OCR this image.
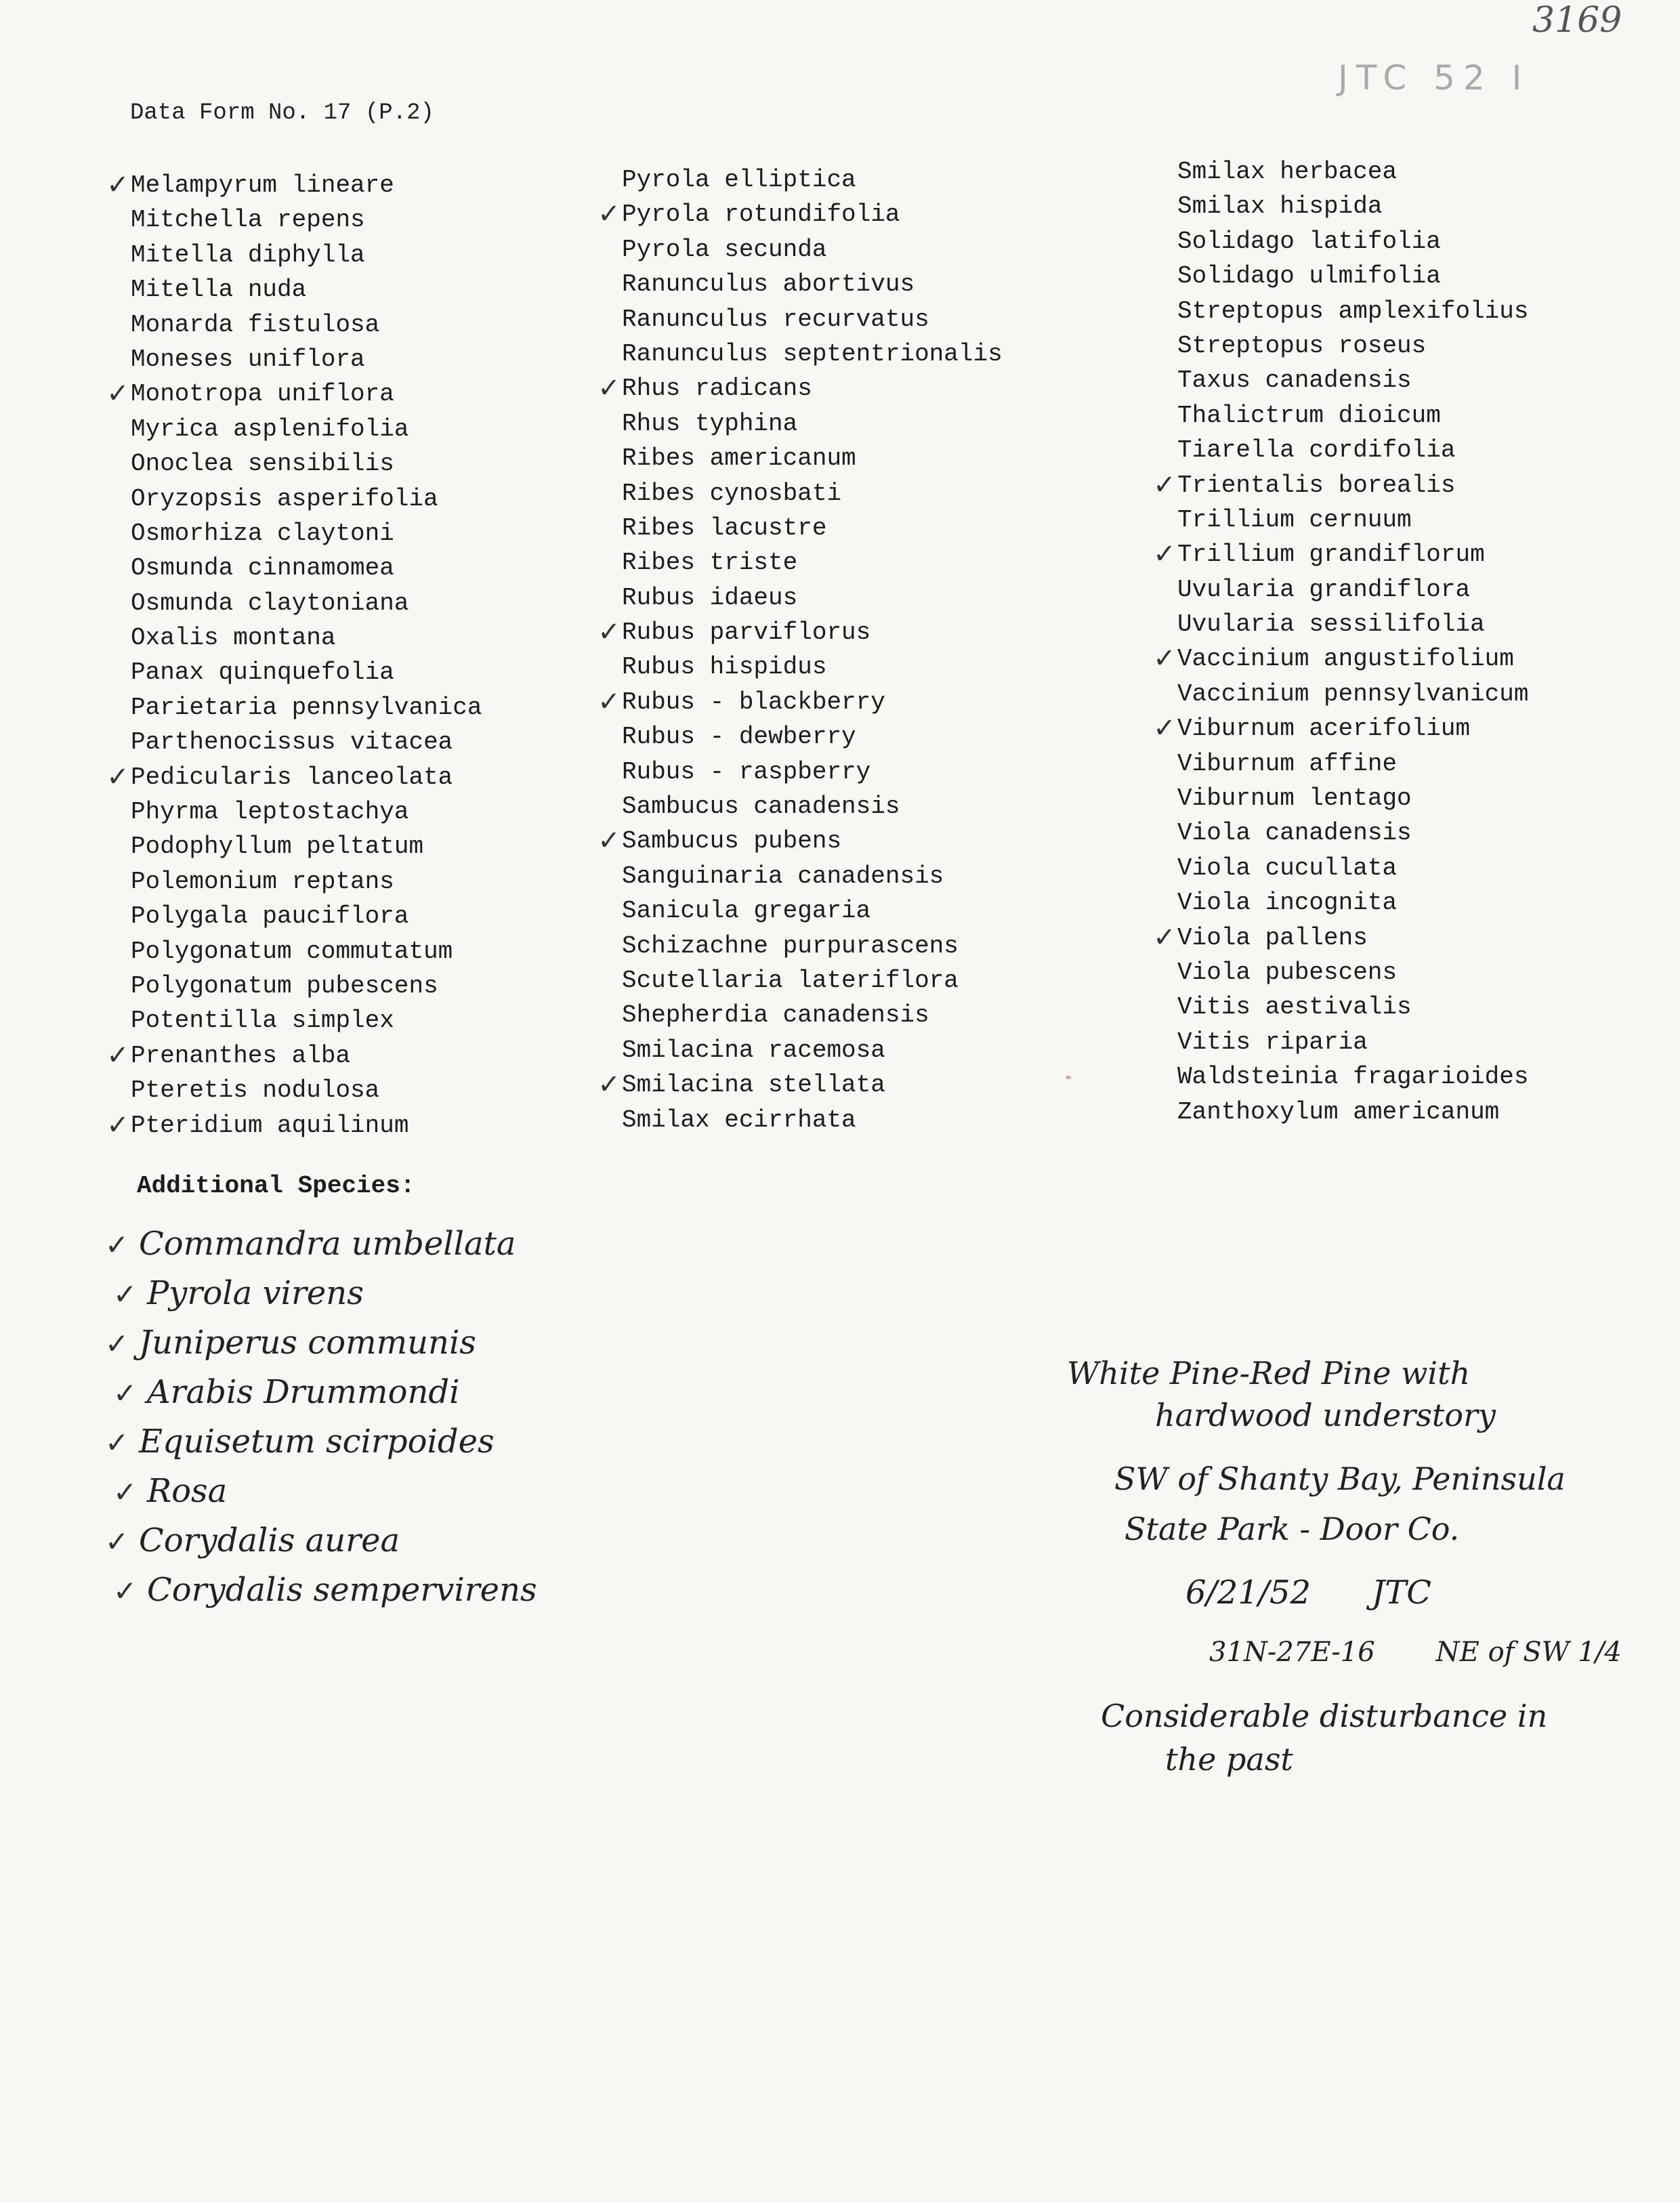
3169
JTC 52 I
Data Form No. 17 (P.2)
✓ Melampyrum lineare
Mitchella repens
Mitella diphylla
Mitella nuda
Monarda fistulosa
Moneses uniflora
✓ Monotropa uniflora
Myrica asplenifolia
Onoclea sensibilis
Oryzopsis asperifolia
Osmorhiza claytoni
Osmunda cinnamomea
Osmunda claytoniana
Oxalis montana
Panax quinquefolia
Parietaria pennsylvanica
Parthenocissus vitacea
✓ Pedicularis lanceolata
Phyrma leptostachya
Podophyllum peltatum
Polemonium reptans
Polygala pauciflora
Polygonatum commutatum
Polygonatum pubescens
Potentilla simplex
✓ Prenanthes alba
Pteretis nodulosa
✓ Pteridium aquilinum
Pyrola elliptica
✓ Pyrola rotundifolia
Pyrola secunda
Ranunculus abortivus
Ranunculus recurvatus
Ranunculus septentrionalis
✓ Rhus radicans
Rhus typhina
Ribes americanum
Ribes cynosbati
Ribes lacustre
Ribes triste
Rubus idaeus
✓ Rubus parviflorus
Rubus hispidus
✓ Rubus - blackberry
Rubus - dewberry
Rubus - raspberry
Sambucus canadensis
✓ Sambucus pubens
Sanguinaria canadensis
Sanicula gregaria
Schizachne purpurascens
Scutellaria lateriflora
Shepherdia canadensis
Smilacina racemosa
✓ Smilacina stellata
Smilax ecirrhata
Smilax herbacea
Smilax hispida
Solidago latifolia
Solidago ulmifolia
Streptopus amplexifolius
Streptopus roseus
Taxus canadensis
Thalictrum dioicum
Tiarella cordifolia
✓ Trientalis borealis
Trillium cernuum
✓ Trillium grandiflorum
Uvularia grandiflora
Uvularia sessilifolia
✓ Vaccinium angustifolium
Vaccinium pennsylvanicum
✓ Viburnum acerifolium
Viburnum affine
Viburnum lentago
Viola canadensis
Viola cucullata
Viola incognita
✓ Viola pallens
Viola pubescens
Vitis aestivalis
Vitis riparia
Waldsteinia fragarioides
Zanthoxylum americanum
Additional Species:
✓ Commandra umbellata
✓ Pyrola virens
✓ Juniperus communis
✓ Arabis Drummondi
✓ Equisetum scirpoides
✓ Rosa
✓ Corydalis aurea
✓ Corydalis sempervirens
White Pine-Red Pine with
hardwood understory
SW of Shanty Bay, Peninsula
State Park - Door Co.
6/21/52 JTC
31N-27E-16 NE of SW 1/4
Considerable disturbance in
the past
